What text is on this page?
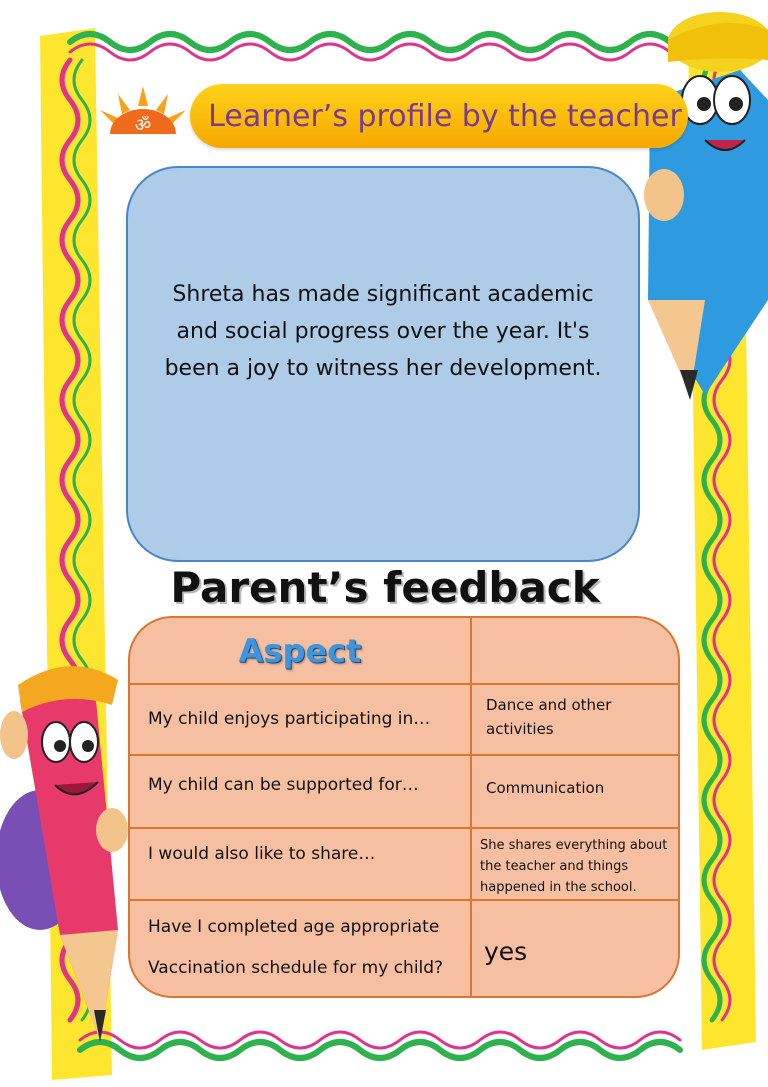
ॐ Learner’s profile by the teacher
Shreta has made significant academic and social progress over the year. It's been a joy to witness her development.
Parent’s feedback
Aspect
My child enjoys participating in…
Dance and other activities
My child can be supported for…	Communication
I would also like to share…	She shares everything about the teacher and things happened in the school.
Have I completed age appropriate
Vaccination schedule for my child?
yes
